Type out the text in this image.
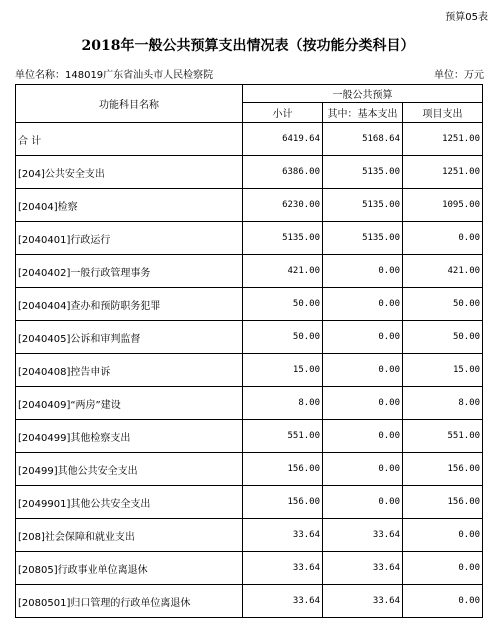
预算05表
2018年一般公共预算支出情况表（按功能分类科目）
单位名称：148019广东省汕头市人民检察院	单位：万元
功能科目名称	一般公共预算		
	小计	其中：基本支出	项目支出
合 计	6419.64	5168.64	1251.00
[204]公共安全支出	6386.00	5135.00	1251.00
[20404]检察	6230.00	5135.00	1095.00
[2040401]行政运行	5135.00	5135.00	0.00
[2040402]一般行政管理事务	421.00	0.00	421.00
[2040404]查办和预防职务犯罪	50.00	0.00	50.00
[2040405]公诉和审判监督	50.00	0.00	50.00
[2040408]控告申诉	15.00	0.00	15.00
[2040409]“两房”建设	8.00	0.00	8.00
[2040499]其他检察支出	551.00	0.00	551.00
[20499]其他公共安全支出	156.00	0.00	156.00
[2049901]其他公共安全支出	156.00	0.00	156.00
[208]社会保障和就业支出	33.64	33.64	0.00
[20805]行政事业单位离退休	33.64	33.64	0.00
[2080501]归口管理的行政单位离退休	33.64	33.64	0.00
